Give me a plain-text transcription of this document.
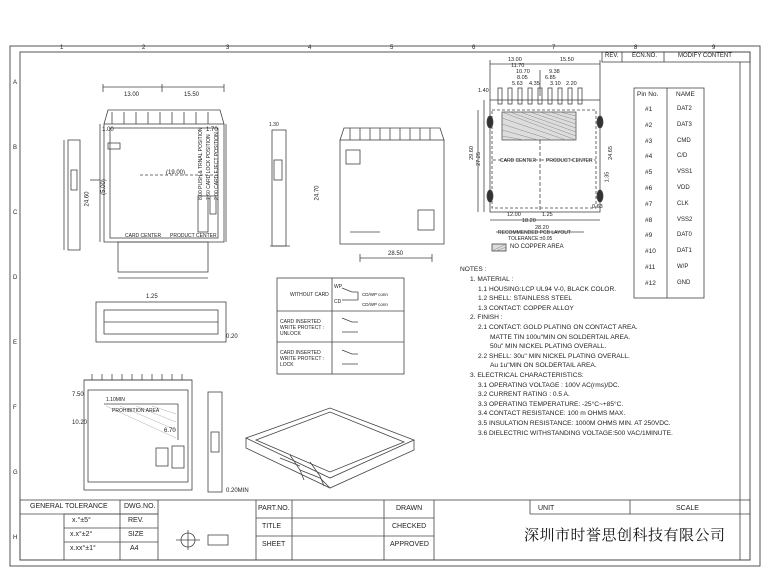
1	2	3	4	5	6	7	8	9
A
B
C
D
E
F
G
H
REV. ECN.NO.	MODIFY CONTENT
Pin No.	NAME
#1	DAT2
#2	DAT3
#3	CMD
#4	C/D
#5	VSS1
#6	VDD
#7	CLK
#8	VSS2
#9	DAT0
#10	DAT1
#11	W/P
#12	GND
13.00	15.50
1.00	1.70
24.60
(5.00)
(19.00)
CARD CENTER PRODUCT CENTER
8.00 PUSH & TRNAL POSITION 7.60 CARD LOCK POSITION 2.00 CARD EJECT POSITION
1.25
0.20
1.30
24.70
28.50
13.00	15.50
11.70
10.70	9.38
8.05	6.85
5.63 4.35 3.10 2.20
1.40
29.60 27.25	24.65
1.35
CARD CENTER PRODUCT CENTER
12.00	1.25
18.20
28.20
0.63
RECOMMENDED PCB LAYOUT
TOLERANCE:±0.05
NO COPPER AREA
WITHOUT CARD
CARD INSERTED WRITE PROTECT : UNLOCK
CARD INSERTED WRITE PROTECT : LOCK
WP
CD
CD/WP conn
CD/WP conn
7.50
1.10MIN
10.20
6.70
0.20MIN
PROHIBITION AREA
NOTES :
1. MATERIAL :
1.1 HOUSING:LCP UL94 V-0, BLACK COLOR.
1.2 SHELL: STAINLESS STEEL
1.3 CONTACT: COPPER ALLOY
2. FINISH :
2.1 CONTACT: GOLD PLATING ON CONTACT AREA.
MATTE TIN 100u"MIN ON SOLDERTAIL AREA.
50u" MIN NICKEL PLATING OVERALL.
2.2 SHELL: 30u" MIN NICKEL PLATING OVERALL.
Au 1u"MIN ON SOLDERTAIL AREA.
3. ELECTRICAL CHARACTERISTICS:
3.1 OPERATING VOLTAGE : 100V AC(rms)/DC.
3.2 CURRENT RATING : 0.5 A.
3.3 OPERATING TEMPERATURE: -25°C~+85°C.
3.4 CONTACT RESISTANCE: 100 m OHMS MAX.
3.5 INSULATION RESISTANCE: 1000M OHMS MIN. AT 250VDC.
3.6 DIELECTRIC WITHSTANDING VOLTAGE:500 VAC/1MINUTE.
GENERAL TOLERANCE DWG.NO.
x.°±5°	REV.
x.x°±2°	SIZE
x.xx°±1°	A4
PART.NO.
TITLE
SHEET
DRAWN
CHECKED
APPROVED
UNIT	SCALE
深圳市时誉思创科技有限公司
